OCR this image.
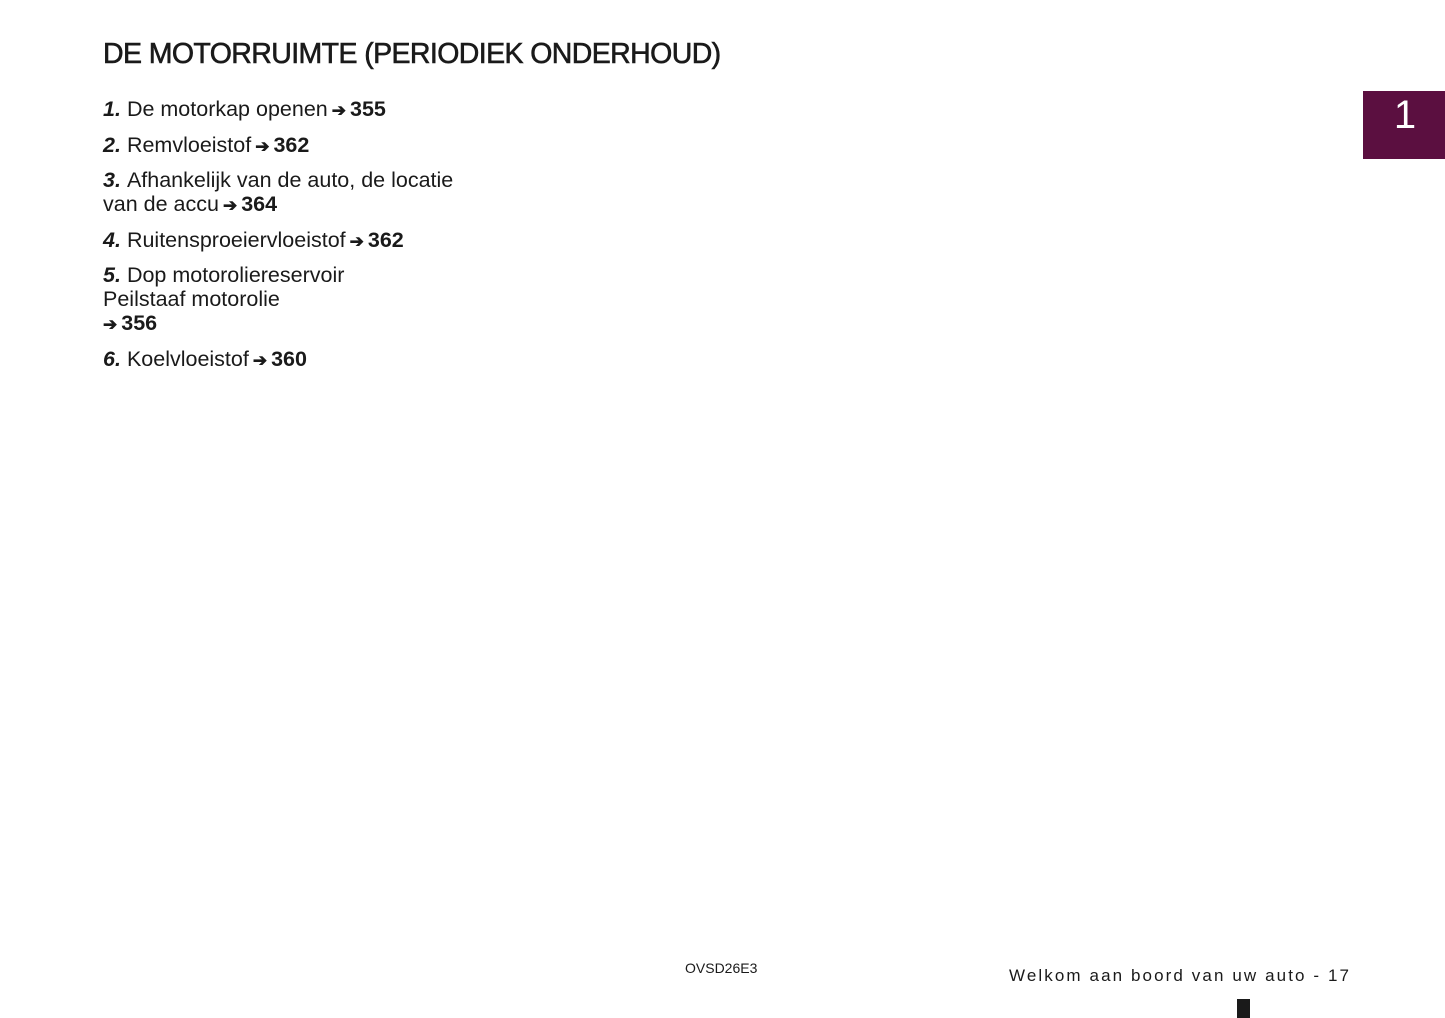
DE MOTORRUIMTE (PERIODIEK ONDERHOUD)
1
1. De motorkap openen ➔ 355
2. Remvloeistof ➔ 362
3. Afhankelijk van de auto, de locatie
van de accu ➔ 364
4. Ruitensproeiervloeistof ➔ 362
5. Dop motoroliereservoir
Peilstaaf motorolie
➔ 356
6. Koelvloeistof ➔ 360
OVSD26E3	Welkom aan boord van uw auto - 17
